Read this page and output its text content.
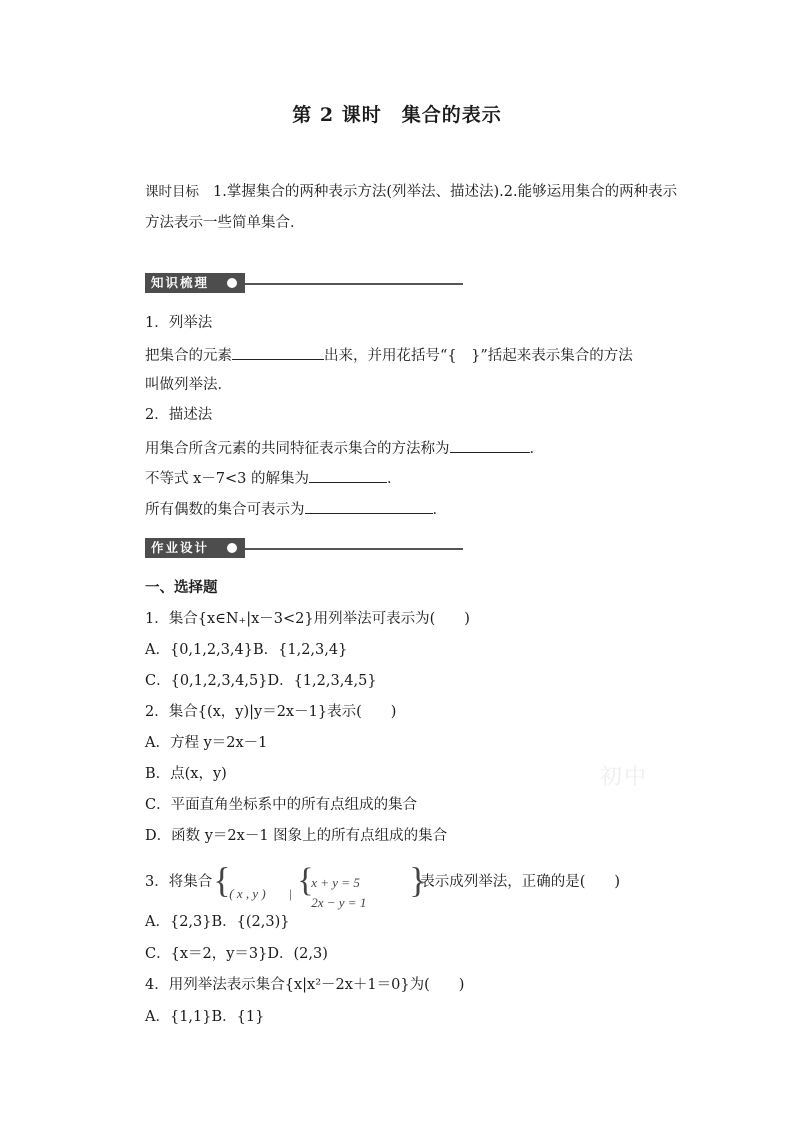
第 2 课时　集合的表示
课时目标 1.掌握集合的两种表示方法(列举法、描述法).2.能够运用集合的两种表示方法表示一些简单集合．
知识梳理
1．列举法
把集合的元素	出来，并用花括号“{　}”括起来表示集合的方法
叫做列举法．
2．描述法
用集合所含元素的共同特征表示集合的方法称为	．
不等式 x－7<3 的解集为	．
所有偶数的集合可表示为	．
作业设计
一、选择题
1．集合{x∈N₊|x－3<2}用列举法可表示为(　　)
A．{0,1,2,3,4}B．{1,2,3,4}
C．{0,1,2,3,4,5}D．{1,2,3,4,5}
2．集合{(x，y)|y＝2x－1}表示(　　)
A．方程 y＝2x－1
B．点(x，y)
C．平面直角坐标系中的所有点组成的集合
D．函数 y＝2x－1 图象上的所有点组成的集合
3．将集合 {
( x , y ) | {
x + y = 5
2x − y = 1
}
表示成列举法，正确的是(　　)
A．{2,3}B．{(2,3)}
C．{x＝2，y＝3}D．(2,3)
4．用列举法表示集合{x|x²－2x＋1＝0}为(　　)
A．{1,1}B．{1}
初中
